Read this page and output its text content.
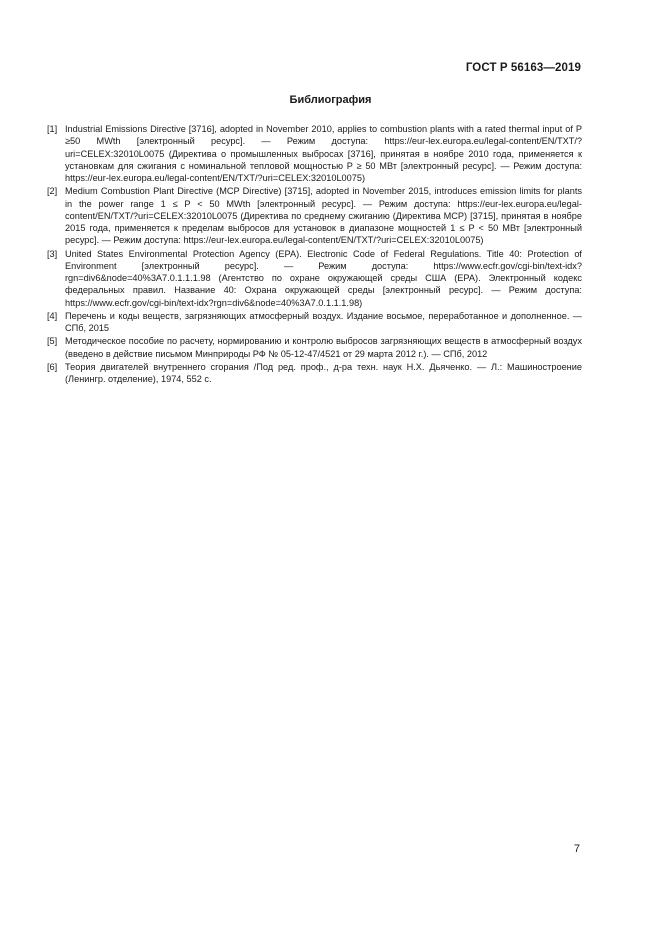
ГОСТ Р 56163—2019
Библиография
[1] Industrial Emissions Directive [3716], adopted in November 2010, applies to combustion plants with a rated thermal input of P ≥50 MWth [электронный ресурс]. — Режим доступа: https://eur-lex.europa.eu/legal-content/EN/TXT/?uri=CELEX:32010L0075 (Директива о промышленных выбросах [3716], принятая в ноябре 2010 года, применяется к установкам для сжигания с номинальной тепловой мощностью P ≥ 50 МВт [электронный ресурс]. — Режим доступа: https://eur-lex.europa.eu/legal-content/EN/TXT/?uri=CELEX:32010L0075)
[2] Medium Combustion Plant Directive (MCP Directive) [3715], adopted in November 2015, introduces emission limits for plants in the power range 1 ≤ P < 50 MWth [электронный ресурс]. — Режим доступа: https://eur-lex.europa.eu/legal-content/EN/TXT/?uri=CELEX:32010L0075 (Директива по среднему сжиганию (Директива MCP) [3715], принятая в ноябре 2015 года, применяется к пределам выбросов для установок в диапазоне мощностей 1 ≤ P < 50 МВт [электронный ресурс]. — Режим доступа: https://eur-lex.europa.eu/legal-content/EN/TXT/?uri=CELEX:32010L0075)
[3] United States Environmental Protection Agency (EPA). Electronic Code of Federal Regulations. Title 40: Protection of Environment [электронный ресурс]. — Режим доступа: https://www.ecfr.gov/cgi-bin/text-idx?rgn=div6&node=40%3A7.0.1.1.1.98 (Агентство по охране окружающей среды США (EPA). Электронный кодекс федеральных правил. Название 40: Охрана окружающей среды [электронный ресурс]. — Режим доступа: https://www.ecfr.gov/cgi-bin/text-idx?rgn=div6&node=40%3A7.0.1.1.1.98)
[4] Перечень и коды веществ, загрязняющих атмосферный воздух. Издание восьмое, переработанное и дополненное. — СПб, 2015
[5] Методическое пособие по расчету, нормированию и контролю выбросов загрязняющих веществ в атмосферный воздух (введено в действие письмом Минприроды РФ № 05-12-47/4521 от 29 марта 2012 г.). — СПб, 2012
[6] Теория двигателей внутреннего сгорания /Под ред. проф., д-ра техн. наук Н.Х. Дьяченко. — Л.: Машиностроение (Ленингр. отделение), 1974, 552 с.
7
